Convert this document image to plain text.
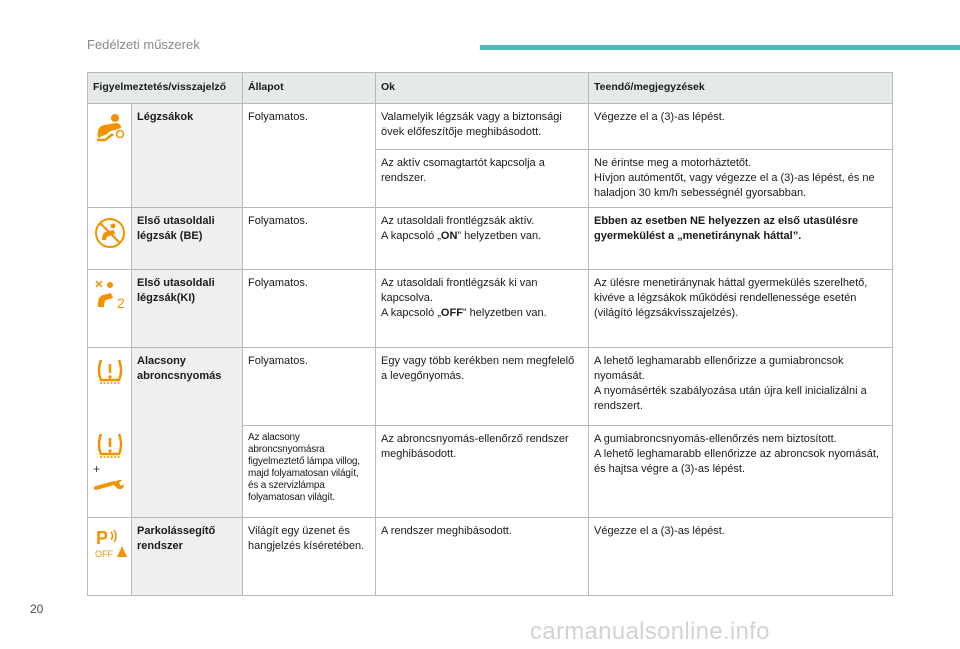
Fedélzeti műszerek
Figyelmeztetés/visszajelző		Állapot	Ok	Teendő/megjegyzések

	Légzsákok	Folyamatos.	Valamelyik légzsák vagy a biztonsági övek előfeszítője meghibásodott.	Végezze el a (3)-as lépést.
			Az aktív csomagtartót kapcsolja a rendszer.	Ne érintse meg a motorháztetőt.
Hívjon autómentőt, vagy végezze el a (3)-as lépést, és ne haladjon 30 km/h sebességnél gyorsabban.

	Első utasoldali légzsák (BE)	Folyamatos.	Az utasoldali frontlégzsák aktív.
A kapcsoló „ON” helyzetben van.	Ebben az esetben NE helyezzen az első utasülésre gyermekülést a „menetiránynak háttal”.

2	Első utasoldali légzsák(KI)	Folyamatos.	Az utasoldali frontlégzsák ki van kapcsolva.
A kapcsoló „OFF” helyzetben van.	Az ülésre menetiránynak háttal gyermekülés szerelhető, kivéve a légzsákok működési rendellenessége esetén (világító légzsákvisszajelzés).

+	Alacsony abroncsnyomás	Folyamatos.	Egy vagy több kerékben nem megfelelő a levegőnyomás.	A lehető leghamarabb ellenőrizze a gumiabroncsok nyomását.
A nyomásérték szabályozása után újra kell inicializálni a rendszert.

		Az alacsony abroncsnyomásra figyelmeztető lámpa villog, majd folyamatosan világít, és a szervizlámpa folyamatosan világít.	Az abroncsnyomás-ellenőrző rendszer meghibásodott.	A gumiabroncsnyomás-ellenőrzés nem biztosított.
A lehető leghamarabb ellenőrizze az abroncsok nyomását, és hajtsa végre a (3)-as lépést.

P
OFF	Parkolássegítő rendszer	Világít egy üzenet és hangjelzés kíséretében.	A rendszer meghibásodott.	Végezze el a (3)-as lépést.
20
carmanualsonline.info
